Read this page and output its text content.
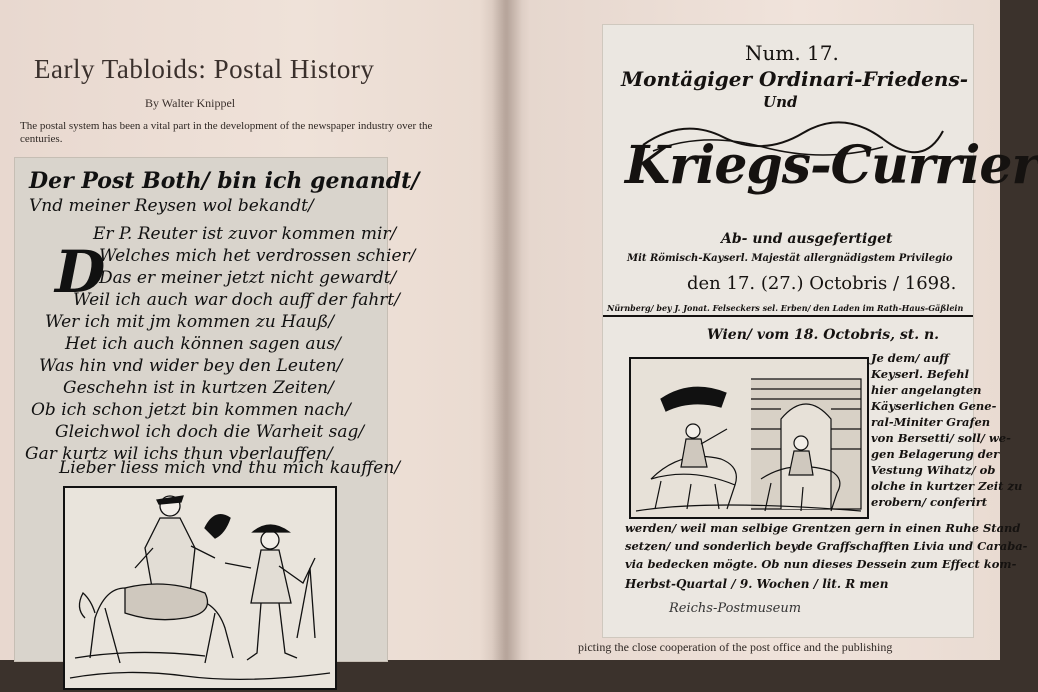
Early Tabloids: Postal History
By Walter Knippel
The postal system has been a vital part in the development of the newspaper industry over the centuries.
Der Post Both/ bin ich genandt/
Vnd meiner Reysen wol bekandt/
D
Er P. Reuter ist zuvor kommen mir/
Welches mich het verdrossen schier/
Das er meiner jetzt nicht gewardt/
Weil ich auch war doch auff der fahrt/
Wer ich mit jm kommen zu Hauß/
Het ich auch können sagen aus/
Was hin vnd wider bey den Leuten/
Geschehn ist in kurtzen Zeiten/
Ob ich schon jetzt bin kommen nach/
Gleichwol ich doch die Warheit sag/
Gar kurtz wil ichs thun vberlauffen/
Lieber liess mich vnd thu mich kauffen/
Num. 17.
Montägiger Ordinari-Friedens-
Und
Kriegs-Currier
Ab- und ausgefertiget
Mit Römisch-Kayserl. Majestät allergnädigstem Privilegio
den 17. (27.) Octobris / 1698.
Nürnberg/ bey J. Jonat. Felseckers sel. Erben/ den Laden im Rath-Haus-Gäßlein
Wien/ vom 18. Octobris, st. n.
Je dem/ auff
Keyserl. Befehl
hier angelangten
Käyserlichen Gene-
ral-Miniter Grafen
von Bersetti/ soll/ we-
gen Belagerung der
Vestung Wihatz/ ob
olche in kurtzer Zeit zu
erobern/ conferirt
werden/ weil man selbige Grentzen gern in einen Ruhe Stand
setzen/ und sonderlich beyde Graffschafften Livia und Caraba-
via bedecken mögte. Ob nun dieses Dessein zum Effect kom-
Herbst-Quartal / 9. Wochen / lit. R men
Reichs-Postmuseum
picting the close cooperation of the post office and the publishing
